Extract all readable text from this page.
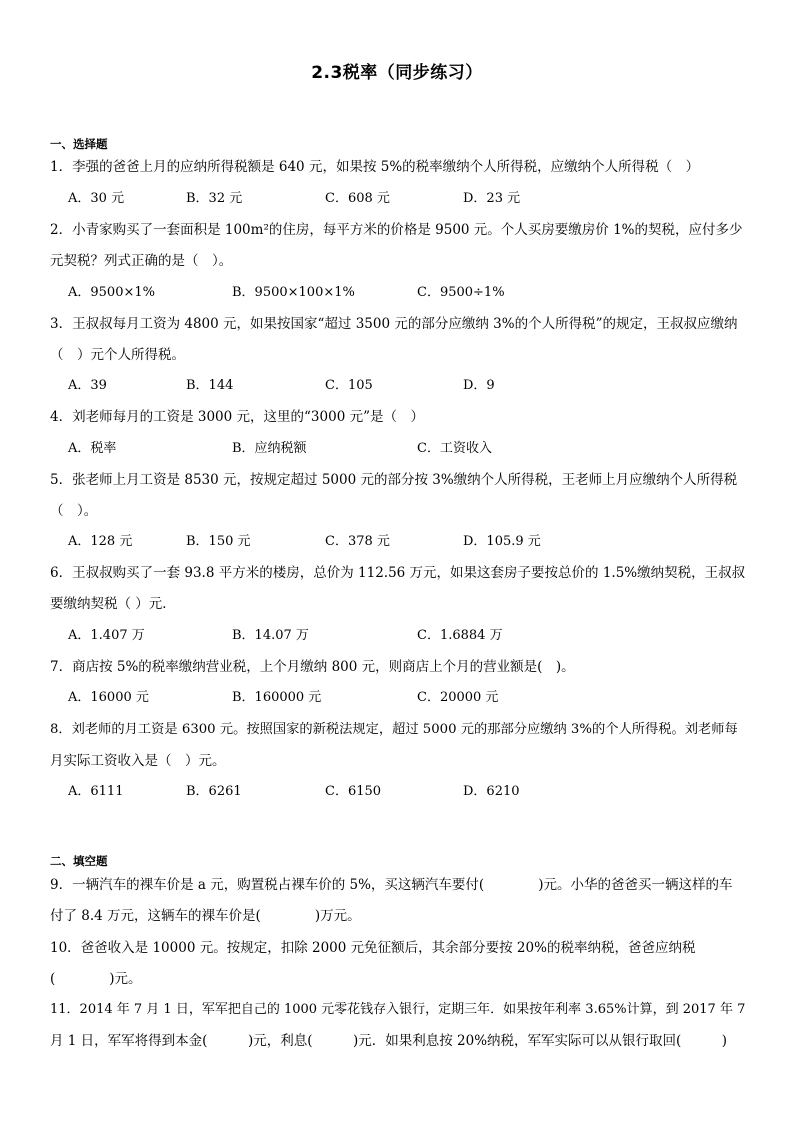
2.3税率（同步练习）
一、选择题
1．李强的爸爸上月的应纳所得税额是 640 元，如果按 5%的税率缴纳个人所得税，应缴纳个人所得税（　）
A．30 元	B．32 元	C．608 元	D．23 元
2．小青家购买了一套面积是 100m²的住房，每平方米的价格是 9500 元。个人买房要缴房价 1%的契税，应付多少
元契税？列式正确的是（　）。
A．9500×1%	B．9500×100×1%	C．9500÷1%
3．王叔叔每月工资为 4800 元，如果按国家“超过 3500 元的部分应缴纳 3%的个人所得税”的规定，王叔叔应缴纳
（　）元个人所得税。
A．39	B．144	C．105	D．9
4．刘老师每月的工资是 3000 元，这里的“3000 元”是（　）
A．税率	B．应纳税额	C．工资收入
5．张老师上月工资是 8530 元，按规定超过 5000 元的部分按 3%缴纳个人所得税，王老师上月应缴纳个人所得税
（　）。
A．128 元	B．150 元	C．378 元	D．105.9 元
6．王叔叔购买了一套 93.8 平方米的楼房，总价为 112.56 万元，如果这套房子要按总价的 1.5%缴纳契税，王叔叔
要缴纳契税（ ）元．
A．1.407 万	B．14.07 万	C．1.6884 万
7．商店按 5%的税率缴纳营业税，上个月缴纳 800 元，则商店上个月的营业额是(　)。
A．16000 元	B．160000 元	C．20000 元
8．刘老师的月工资是 6300 元。按照国家的新税法规定，超过 5000 元的那部分应缴纳 3%的个人所得税。刘老师每
月实际工资收入是（　）元。
A．6111	B．6261	C．6150	D．6210
二、填空题
9．一辆汽车的裸车价是 a 元，购置税占裸车价的 5%，买这辆汽车要付(　　　　)元。小华的爸爸买一辆这样的车
付了 8.4 万元，这辆车的裸车价是(　　　　)万元。
10．爸爸收入是 10000 元。按规定，扣除 2000 元免征额后，其余部分要按 20%的税率纳税，爸爸应纳税
(　　　　)元。
11．2014 年 7 月 1 日，军军把自己的 1000 元零花钱存入银行，定期三年．如果按年利率 3.65%计算，到 2017 年 7
月 1 日，军军将得到本金(　　　)元，利息(　　　)元．如果利息按 20%纳税，军军实际可以从银行取回(　　　)
